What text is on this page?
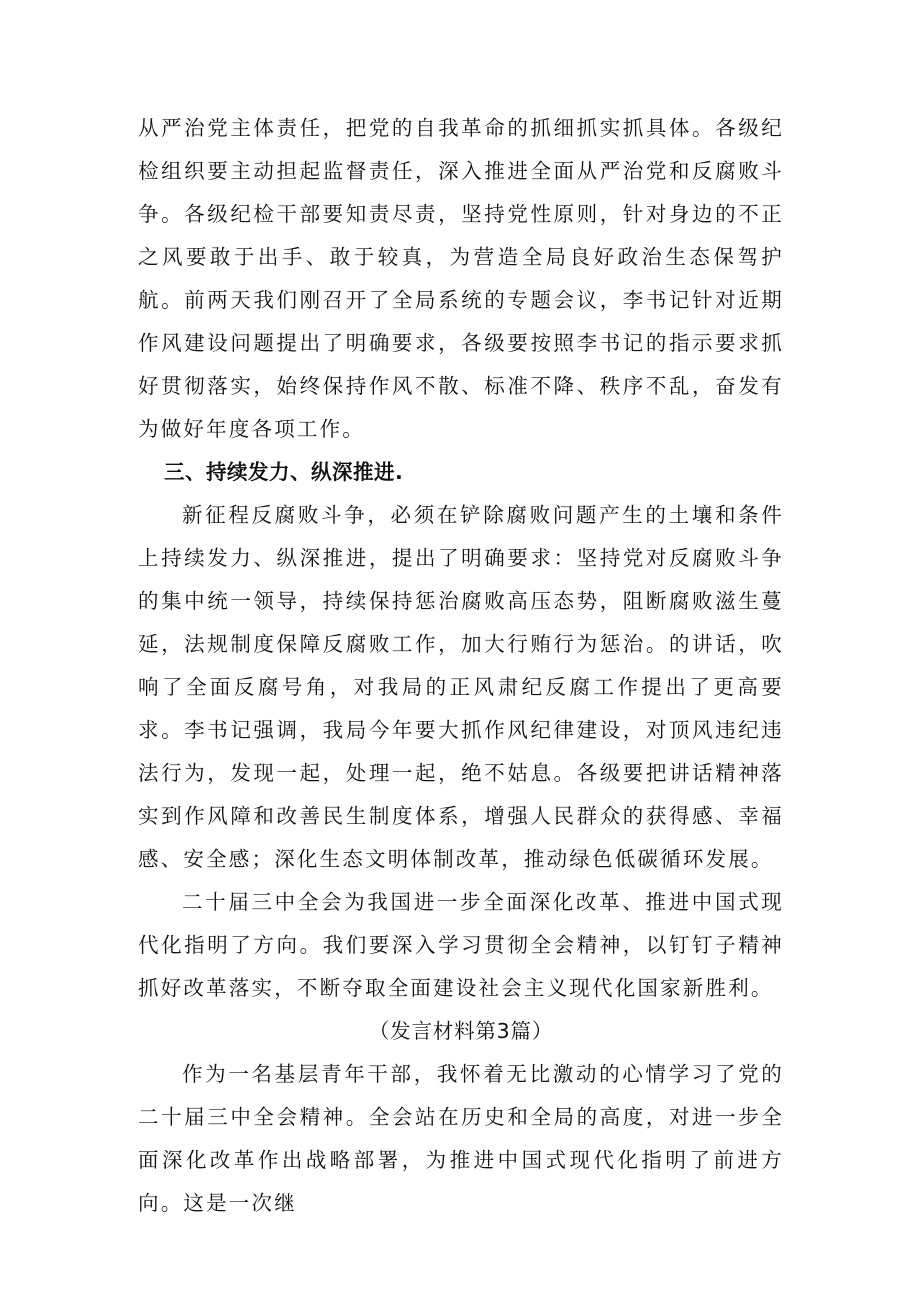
从严治党主体责任，把党的自我革命的抓细抓实抓具体。各级纪检组织要主动担起监督责任，深入推进全面从严治党和反腐败斗争。各级纪检干部要知责尽责，坚持党性原则，针对身边的不正之风要敢于出手、敢于较真，为营造全局良好政治生态保驾护航。前两天我们刚召开了全局系统的专题会议，李书记针对近期作风建设问题提出了明确要求，各级要按照李书记的指示要求抓好贯彻落实，始终保持作风不散、标准不降、秩序不乱，奋发有为做好年度各项工作。

三、持续发力、纵深推进.

新征程反腐败斗争，必须在铲除腐败问题产生的土壤和条件上持续发力、纵深推进，提出了明确要求：坚持党对反腐败斗争的集中统一领导，持续保持惩治腐败高压态势，阻断腐败滋生蔓延，法规制度保障反腐败工作，加大行贿行为惩治。的讲话，吹响了全面反腐号角，对我局的正风肃纪反腐工作提出了更高要求。李书记强调，我局今年要大抓作风纪律建设，对顶风违纪违法行为，发现一起，处理一起，绝不姑息。各级要把讲话精神落实到作风障和改善民生制度体系，增强人民群众的获得感、幸福感、安全感；深化生态文明体制改革，推动绿色低碳循环发展。

二十届三中全会为我国进一步全面深化改革、推进中国式现代化指明了方向。我们要深入学习贯彻全会精神，以钉钉子精神抓好改革落实，不断夺取全面建设社会主义现代化国家新胜利。

（发言材料第3篇）

作为一名基层青年干部，我怀着无比激动的心情学习了党的二十届三中全会精神。全会站在历史和全局的高度，对进一步全面深化改革作出战略部署，为推进中国式现代化指明了前进方向。这是一次继
